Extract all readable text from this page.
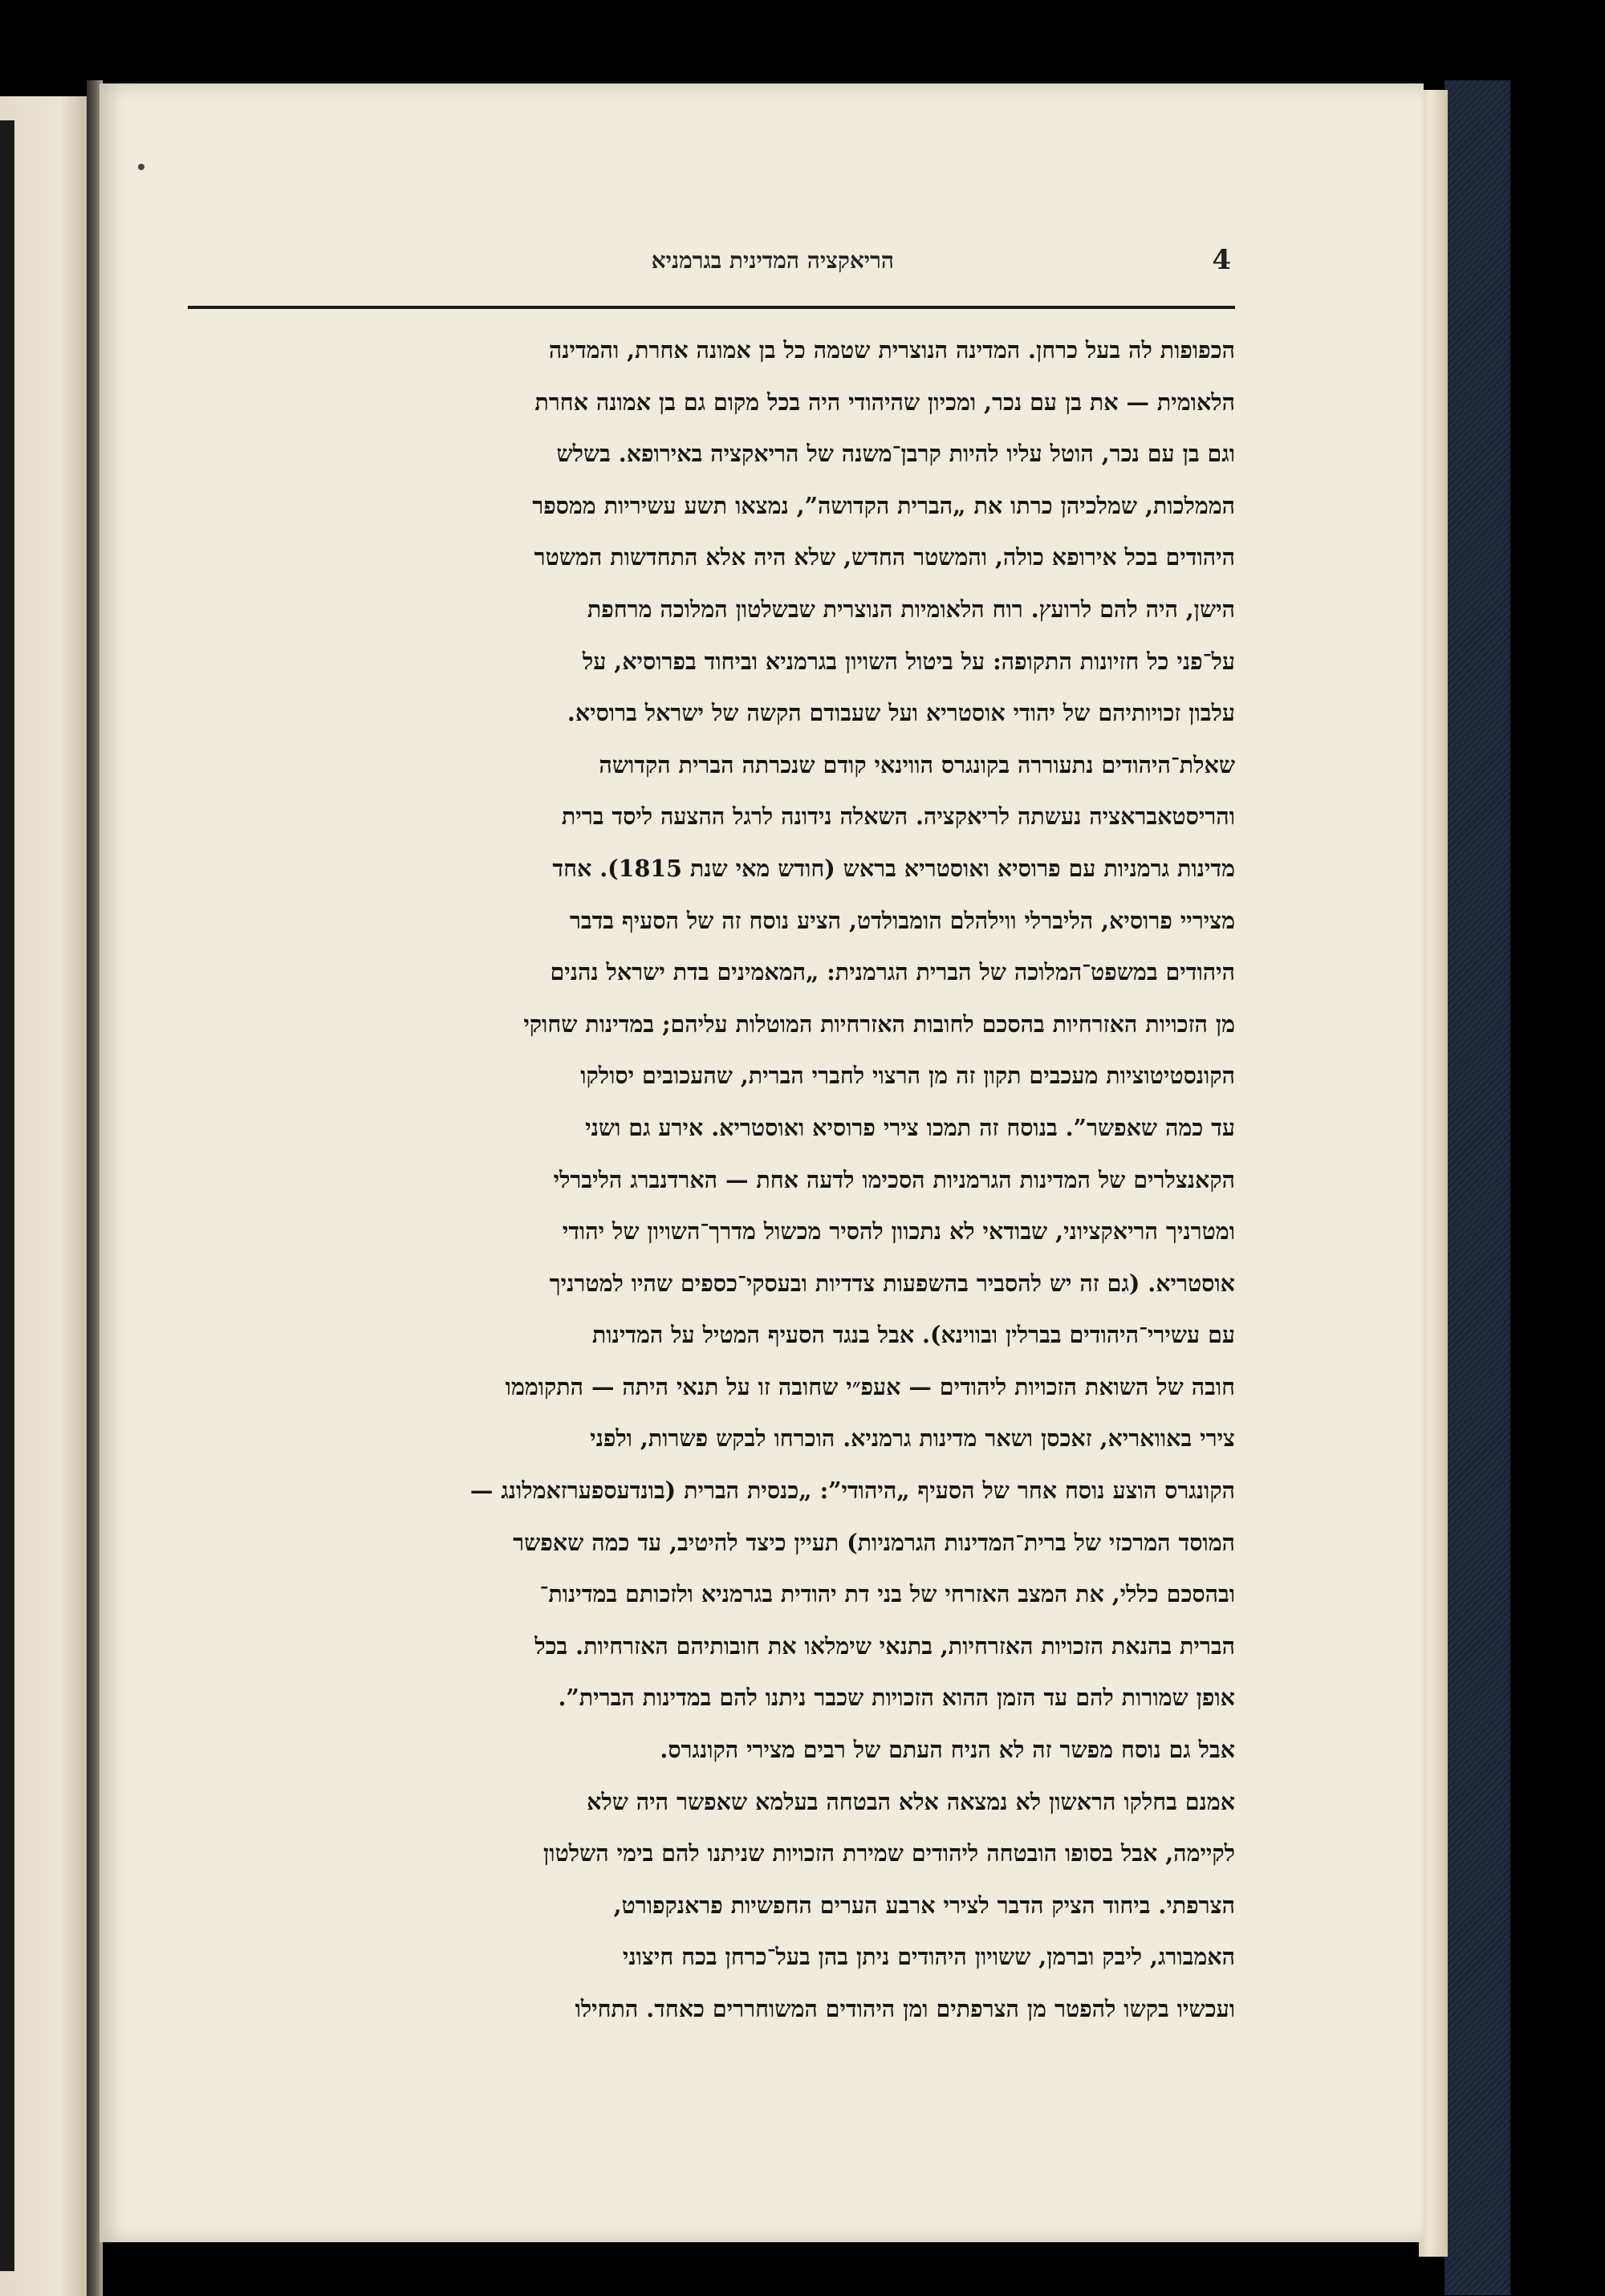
4
הריאקציה המדינית בגרמניא
הכפופות לה בעל כרחן. המדינה הנוצרית שטמה כל בן אמונה אחרת, והמדינה
הלאומית — את בן עם נכר, ומכיון שהיהודי היה בכל מקום גם בן אמונה אחרת
וגם בן עם נכר, הוטל עליו להיות קרבן־משנה של הריאקציה באירופא. בשלש
הממלכות, שמלכיהן כרתו את „הברית הקדושה”, נמצאו תשע עשיריות ממספר
היהודים בכל אירופא כולה, והמשטר החדש, שלא היה אלא התחדשות המשטר
הישן, היה להם לרועץ. רוח הלאומיות הנוצרית שבשלטון המלוכה מרחפת
על־פני כל חזיונות התקופה: על ביטול השויון בגרמניא וביחוד בפרוסיא, על
עלבון זכויותיהם של יהודי אוסטריא ועל שעבודם הקשה של ישראל ברוסיא.
שאלת־היהודים נתעוררה בקונגרס הווינאי קודם שנכרתה הברית הקדושה
והריסטאבראציה נעשתה לריאקציה. השאלה נידונה לרגל ההצעה ליסד ברית
מדינות גרמניות עם פרוסיא ואוסטריא בראש (חודש מאי שנת 1815). אחד
מציריי פרוסיא, הליברלי ווילהלם הומבולדט, הציע נוסח זה של הסעיף בדבר
היהודים במשפט־המלוכה של הברית הגרמנית: „המאמינים בדת ישראל נהנים
מן הזכויות האזרחיות בהסכם לחובות האזרחיות המוטלות עליהם; במדינות שחוקי
הקונסטיטוציות מעכבים תקון זה מן הרצוי לחברי הברית, שהעכובים יסולקו
עד כמה שאפשר”. בנוסח זה תמכו צירי פרוסיא ואוסטריא. אירע גם ושני
הקאנצלרים של המדינות הגרמניות הסכימו לדעה אחת — הארדנברג הליברלי
ומטרניך הריאקציוני, שבודאי לא נתכוון להסיר מכשול מדרך־השויון של יהודי
אוסטריא. (גם זה יש להסביר בהשפעות צדדיות ובעסקי־כספים שהיו למטרניך
עם עשירי־היהודים בברלין ובווינא). אבל בנגד הסעיף המטיל על המדינות
חובה של השואת הזכויות ליהודים — אעפ״י שחובה זו על תנאי היתה — התקוממו
צירי באוואריא, זאכסן ושאר מדינות גרמניא. הוכרחו לבקש פשרות, ולפני
הקונגרס הוצע נוסח אחר של הסעיף „היהודי”: „כנסית הברית (בונדעספערזאמלונג —
המוסד המרכזי של ברית־המדינות הגרמניות) תעיין כיצד להיטיב, עד כמה שאפשר
ובהסכם כללי, את המצב האזרחי של בני דת יהודית בגרמניא ולזכותם במדינות־
הברית בהנאת הזכויות האזרחיות, בתנאי שימלאו את חובותיהם האזרחיות. בכל
אופן שמורות להם עד הזמן ההוא הזכויות שכבר ניתנו להם במדינות הברית”.
אבל גם נוסח מפשר זה לא הניח העתם של רבים מצירי הקונגרס.
אמנם בחלקו הראשון לא נמצאה אלא הבטחה בעלמא שאפשר היה שלא
לקיימה, אבל בסופו הובטחה ליהודים שמירת הזכויות שניתנו להם בימי השלטון
הצרפתי. ביחוד הציק הדבר לצירי ארבע הערים החפשיות פראנקפורט,
האמבורג, ליבק וברמן, ששויון היהודים ניתן בהן בעל־כרחן בכח חיצוני
ועכשיו בקשו להפטר מן הצרפתים ומן היהודים המשוחררים כאחד. התחילו
